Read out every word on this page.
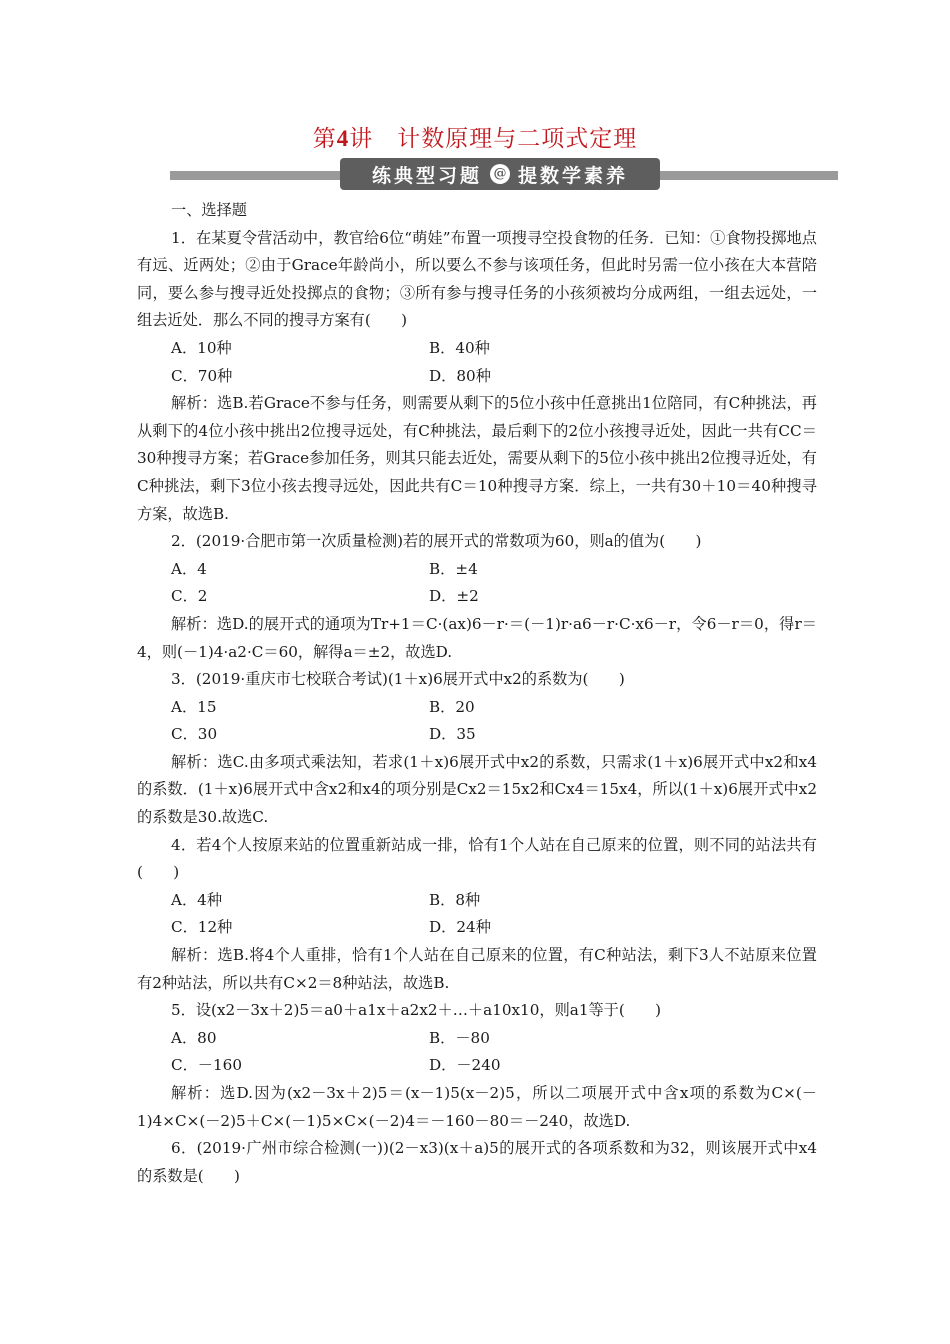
第4讲　计数原理与二项式定理
练典型习题 @ 提数学素养

一、选择题

1．在某夏令营活动中，教官给6位“萌娃”布置一项搜寻空投食物的任务．已知：①食物投掷地点有远、近两处；②由于Grace年龄尚小，所以要么不参与该项任务，但此时另需一位小孩在大本营陪同，要么参与搜寻近处投掷点的食物；③所有参与搜寻任务的小孩须被均分成两组，一组去远处，一组去近处．那么不同的搜寻方案有(　　)

A．10种	B．40种
C．70种	D．80种

解析：选B.若Grace不参与任务，则需要从剩下的5位小孩中任意挑出1位陪同，有C种挑法，再从剩下的4位小孩中挑出2位搜寻远处，有C种挑法，最后剩下的2位小孩搜寻近处，因此一共有CC＝30种搜寻方案；若Grace参加任务，则其只能去近处，需要从剩下的5位小孩中挑出2位搜寻近处，有C种挑法，剩下3位小孩去搜寻远处，因此共有C＝10种搜寻方案．综上，一共有30＋10＝40种搜寻方案，故选B.

2．(2019·合肥市第一次质量检测)若的展开式的常数项为60，则a的值为(　　)

A．4	B．±4
C．2	D．±2

解析：选D.的展开式的通项为Tr+1＝C·(ax)6－r·＝(－1)r·a6－r·C·x6－r，令6－r＝0，得r＝4，则(－1)4·a2·C＝60，解得a＝±2，故选D.

3．(2019·重庆市七校联合考试)(1＋x)6展开式中x2的系数为(　　)

A．15	B．20
C．30	D．35

解析：选C.由多项式乘法知，若求(1＋x)6展开式中x2的系数，只需求(1＋x)6展开式中x2和x4的系数．(1＋x)6展开式中含x2和x4的项分别是Cx2＝15x2和Cx4＝15x4，所以(1＋x)6展开式中x2的系数是30.故选C.

4．若4个人按原来站的位置重新站成一排，恰有1个人站在自己原来的位置，则不同的站法共有(　　)

A．4种	B．8种
C．12种	D．24种

解析：选B.将4个人重排，恰有1个人站在自己原来的位置，有C种站法，剩下3人不站原来位置有2种站法，所以共有C×2＝8种站法，故选B.

5．设(x2－3x＋2)5＝a0＋a1x＋a2x2＋…＋a10x10，则a1等于(　　)

A．80	B．－80
C．－160	D．－240

解析：选D.因为(x2－3x＋2)5＝(x－1)5(x－2)5，所以二项展开式中含x项的系数为C×(－1)4×C×(－2)5＋C×(－1)5×C×(－2)4＝－160－80＝－240，故选D.

6．(2019·广州市综合检测(一))(2－x3)(x＋a)5的展开式的各项系数和为32，则该展开式中x4的系数是(　　)
